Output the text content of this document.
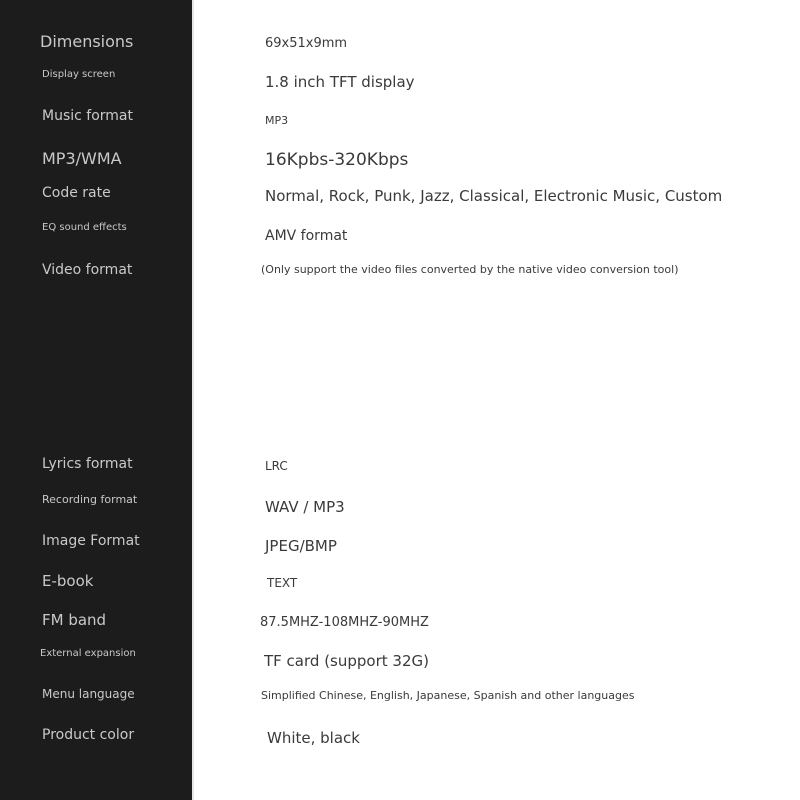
Dimensions
Display screen
Music format
MP3/WMA
Code rate
EQ sound effects
Video format
Lyrics format
Recording format
Image Format
E-book
FM band
External expansion
Menu language
Product color
69x51x9mm
1.8 inch TFT display
MP3
16Kpbs-320Kbps
Normal, Rock, Punk, Jazz, Classical, Electronic Music, Custom
AMV format
(Only support the video files converted by the native video conversion tool)
LRC
WAV / MP3
JPEG/BMP
TEXT
87.5MHZ-108MHZ-90MHZ
TF card (support 32G)
Simplified Chinese, English, Japanese, Spanish and other languages
White, black
